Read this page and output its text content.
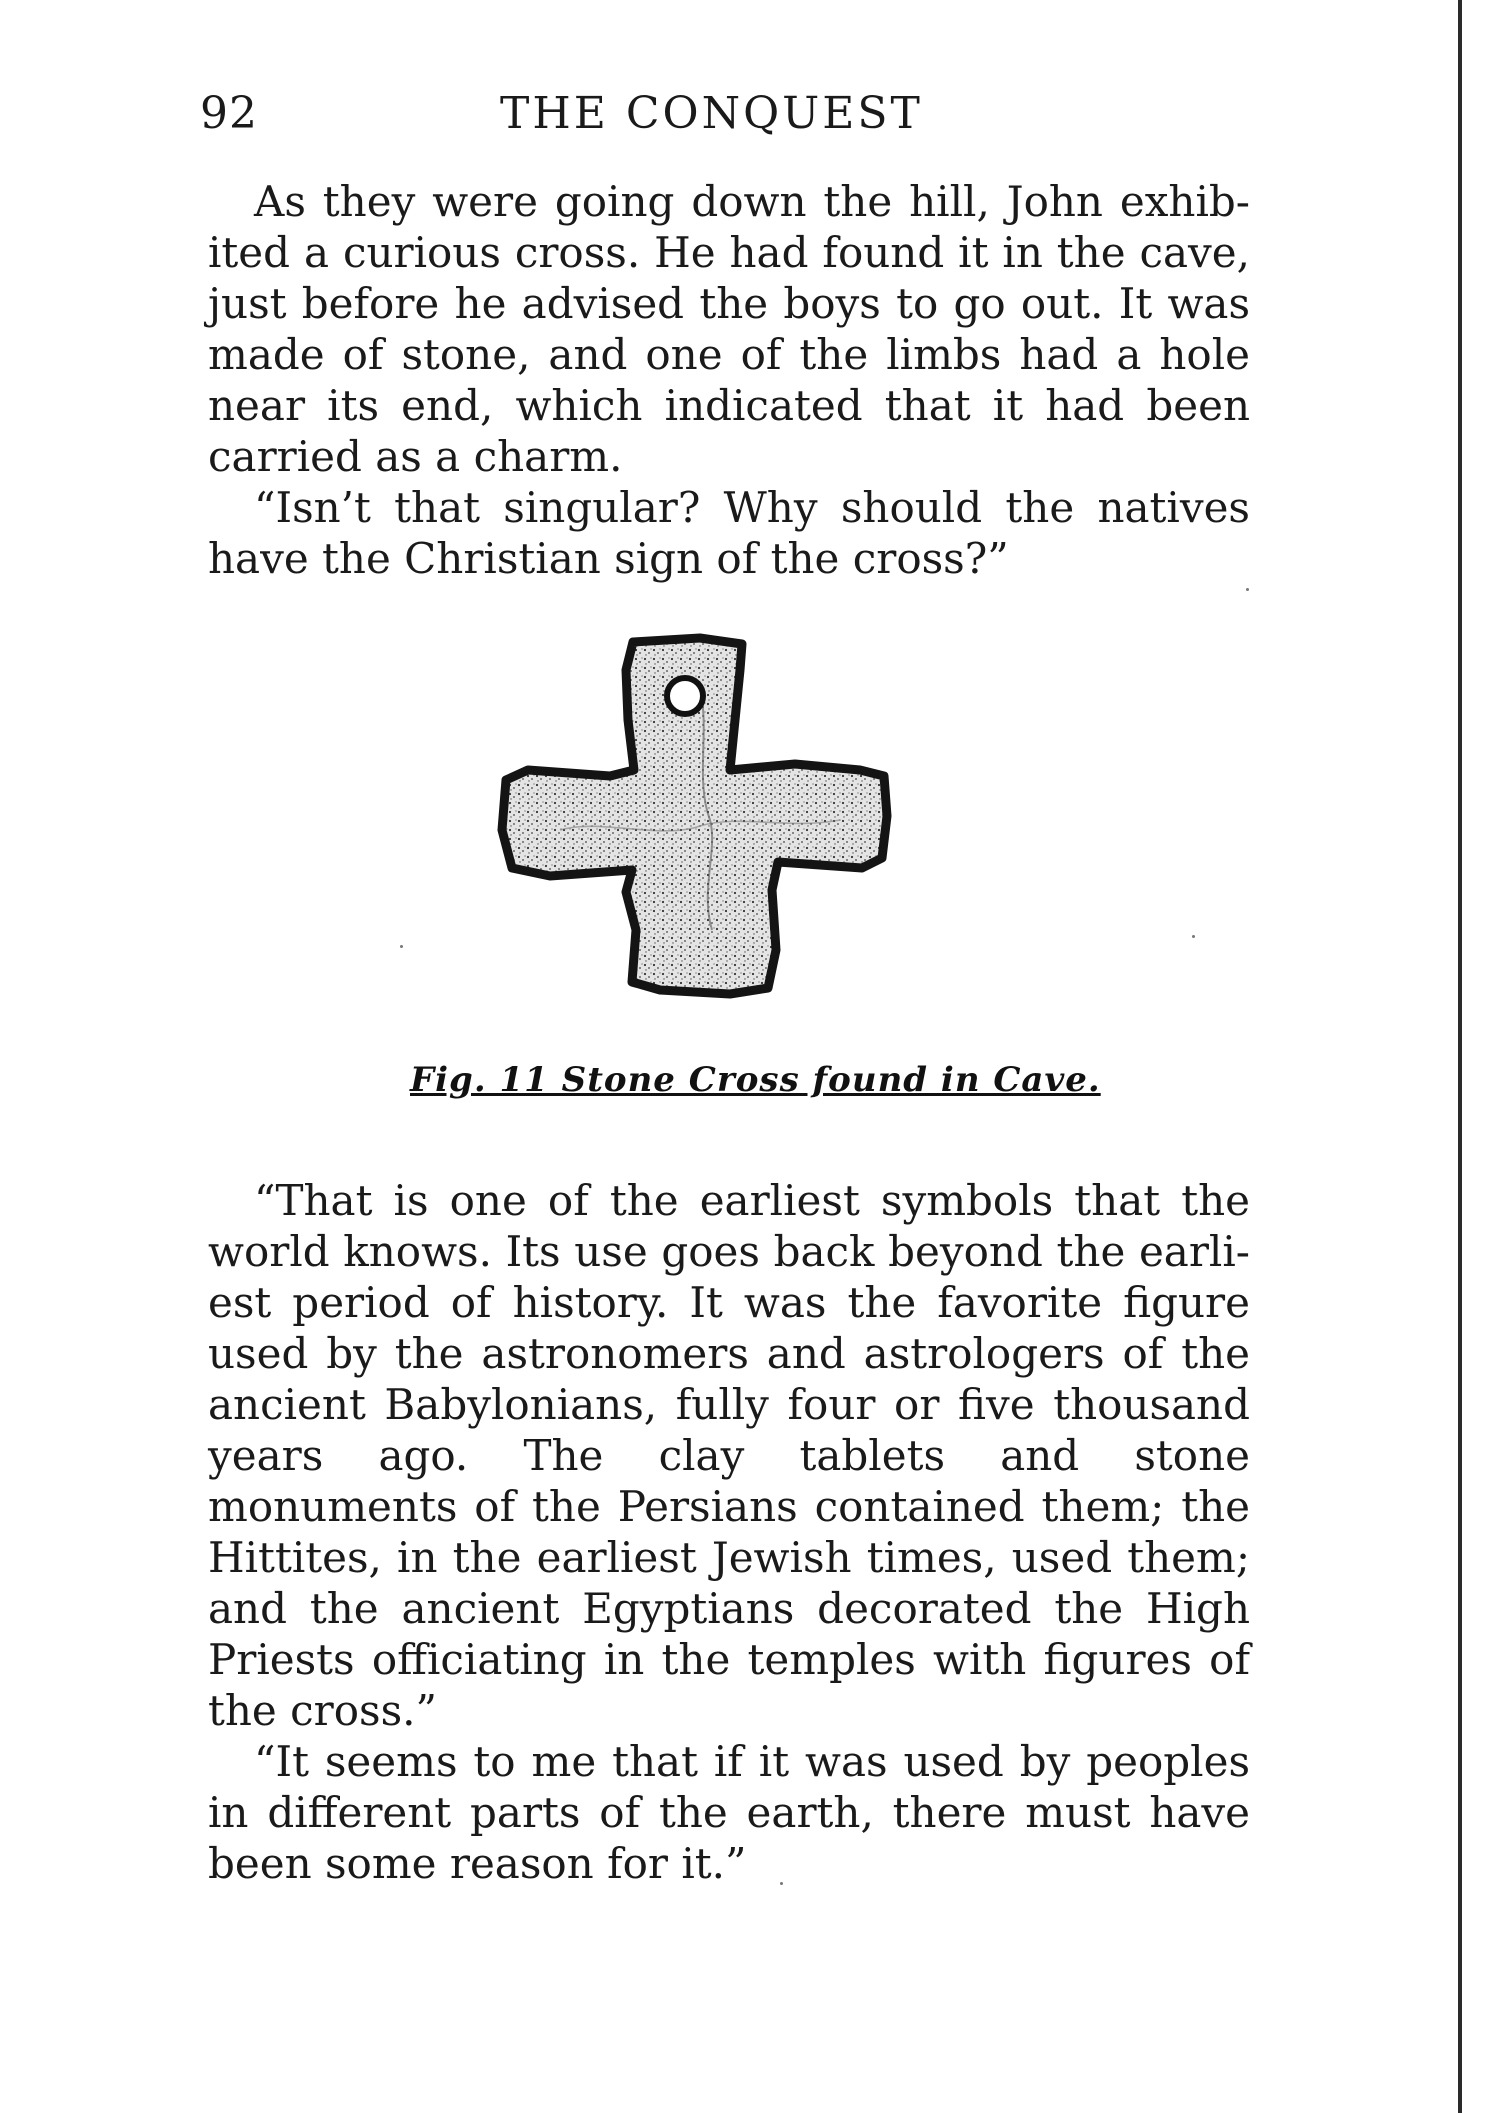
92	THE CONQUEST

As they were going down the hill, John exhibited a curious cross. He had found it in the cave, just before he advised the boys to go out. It was made of stone, and one of the limbs had a hole near its end, which indicated that it had been carried as a charm.

“Isn’t that singular? Why should the natives have the Christian sign of the cross?”

Fig. 11 Stone Cross found in Cave.

“That is one of the earliest symbols that the world knows. Its use goes back beyond the earliest period of history. It was the favorite figure used by the astronomers and astrologers of the ancient Babylonians, fully four or five thousand years ago. The clay tablets and stone monuments of the Persians contained them; the Hittites, in the earliest Jewish times, used them; and the ancient Egyptians decorated the High Priests officiating in the temples with figures of the cross.”

“It seems to me that if it was used by peoples in different parts of the earth, there must have been some reason for it.”
